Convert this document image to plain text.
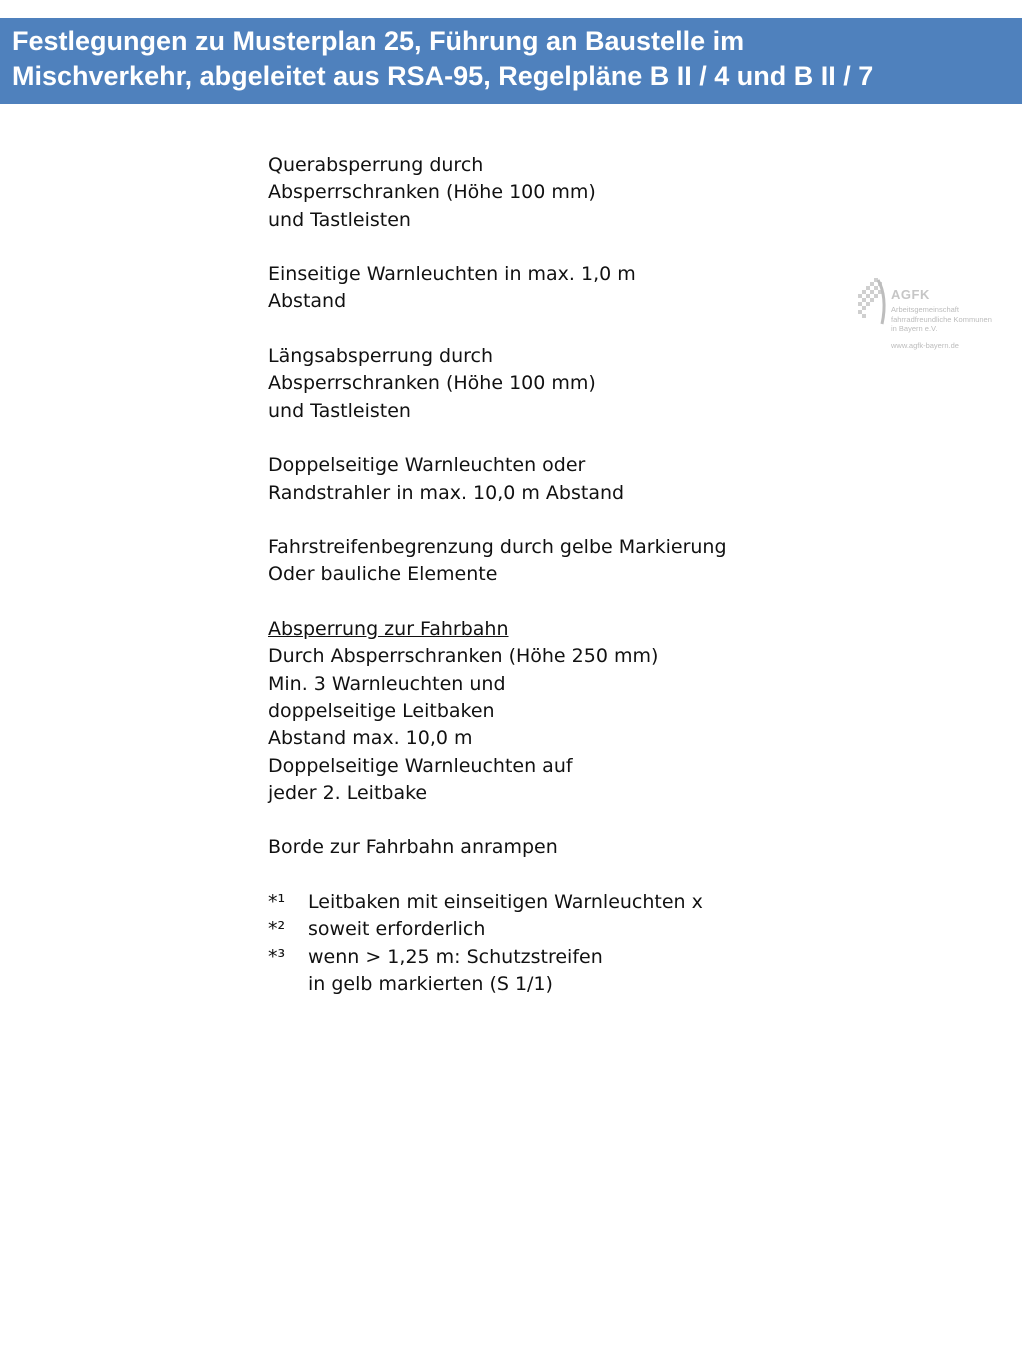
Festlegungen zu Musterplan 25, Führung an Baustelle im
Mischverkehr, abgeleitet aus RSA-95, Regelpläne B II / 4 und B II / 7
AGFK
Arbeitsgemeinschaft
fahrradfreundliche Kommunen
in Bayern e.V.
www.agfk-bayern.de
Querabsperrung durch
Absperrschranken (Höhe 100 mm)
und Tastleisten
Einseitige Warnleuchten in max. 1,0 m
Abstand
Längsabsperrung durch
Absperrschranken (Höhe 100 mm)
und Tastleisten
Doppelseitige Warnleuchten oder
Randstrahler in max. 10,0 m Abstand
Fahrstreifenbegrenzung durch gelbe Markierung
Oder bauliche Elemente
Absperrung zur Fahrbahn
Durch Absperrschranken (Höhe 250 mm)
Min. 3 Warnleuchten und
doppelseitige Leitbaken
Abstand max. 10,0 m
Doppelseitige Warnleuchten auf
jeder 2. Leitbake
Borde zur Fahrbahn anrampen
*¹	Leitbaken mit einseitigen Warnleuchten x
*²	soweit erforderlich
*³	wenn > 1,25 m: Schutzstreifen
in gelb markierten (S 1/1)
